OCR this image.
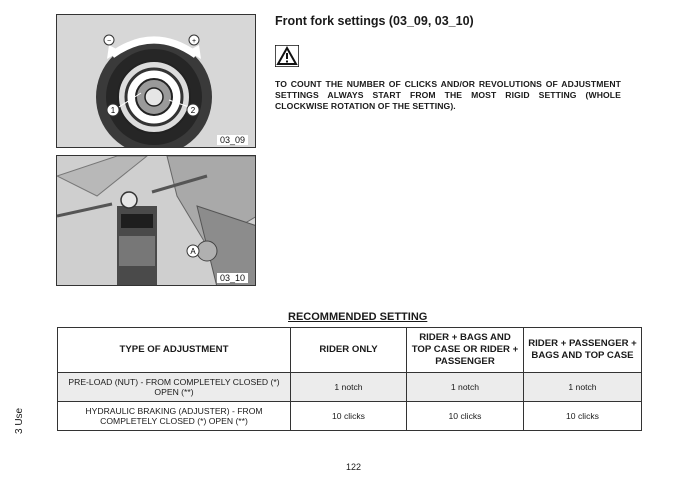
−	+
1	2
03_09
A
03_10
Front fork settings (03_09, 03_10)

TO COUNT THE NUMBER OF CLICKS AND/OR REVOLUTIONS OF ADJUSTMENT SETTINGS ALWAYS START FROM THE MOST RIGID SETTING (WHOLE CLOCKWISE ROTATION OF THE SETTING).

RECOMMENDED SETTING
TYPE OF ADJUSTMENT	RIDER ONLY	RIDER + BAGS AND TOP CASE OR RIDER + PASSENGER	RIDER + PASSENGER + BAGS AND TOP CASE
PRE-LOAD (NUT) - FROM COMPLETELY CLOSED (*) OPEN (**)	1 notch	1 notch	1 notch
HYDRAULIC BRAKING (ADJUSTER) - FROM COMPLETELY CLOSED (*) OPEN (**)	10 clicks	10 clicks	10 clicks
3 Use
122
